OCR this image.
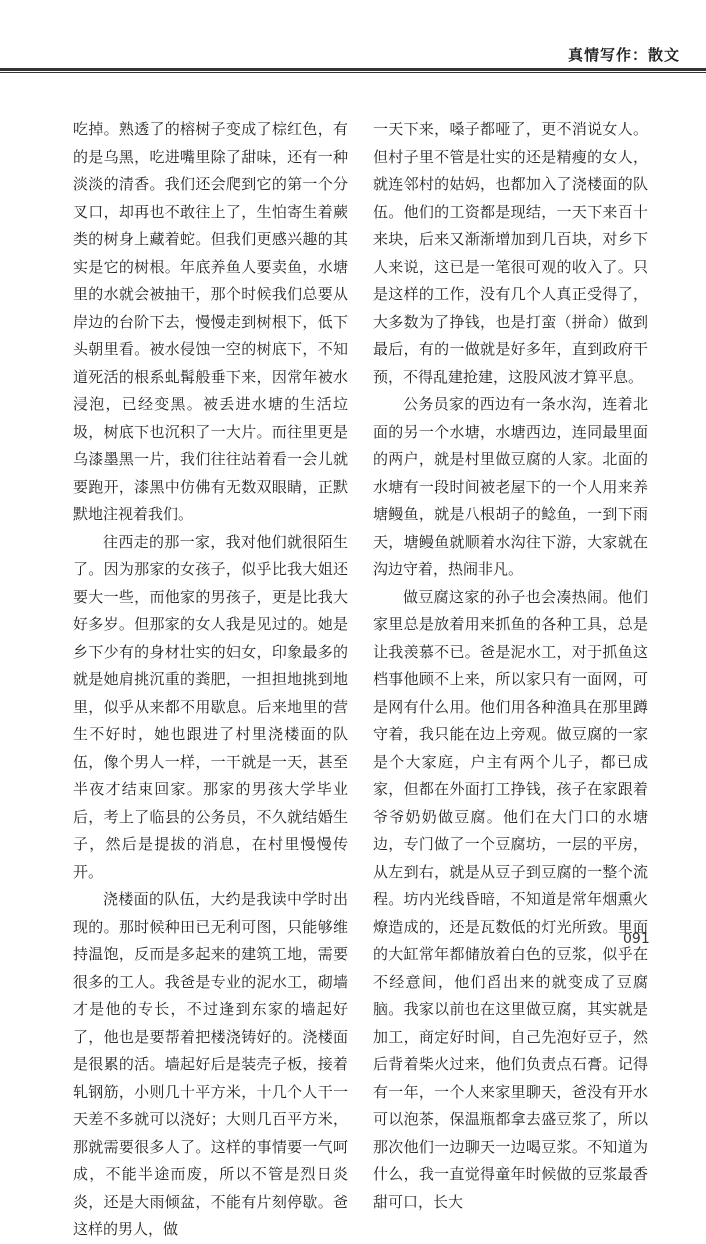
真情写作：散文

吃掉。熟透了的榕树子变成了棕红色，有的是乌黑，吃进嘴里除了甜味，还有一种淡淡的清香。我们还会爬到它的第一个分叉口，却再也不敢往上了，生怕寄生着蕨类的树身上藏着蛇。但我们更感兴趣的其实是它的树根。年底养鱼人要卖鱼，水塘里的水就会被抽干，那个时候我们总要从岸边的台阶下去，慢慢走到树根下，低下头朝里看。被水侵蚀一空的树底下，不知道死活的根系虬髯般垂下来，因常年被水浸泡，已经变黑。被丢进水塘的生活垃圾，树底下也沉积了一大片。而往里更是乌漆墨黑一片，我们往往站着看一会儿就要跑开，漆黑中仿佛有无数双眼睛，正默默地注视着我们。

往西走的那一家，我对他们就很陌生了。因为那家的女孩子，似乎比我大姐还要大一些，而他家的男孩子，更是比我大好多岁。但那家的女人我是见过的。她是乡下少有的身材壮实的妇女，印象最多的就是她肩挑沉重的粪肥，一担担地挑到地里，似乎从来都不用歇息。后来地里的营生不好时，她也跟进了村里浇楼面的队伍，像个男人一样，一干就是一天，甚至半夜才结束回家。那家的男孩大学毕业后，考上了临县的公务员，不久就结婚生子，然后是提拔的消息，在村里慢慢传开。

浇楼面的队伍，大约是我读中学时出现的。那时候种田已无利可图，只能够维持温饱，反而是多起来的建筑工地，需要很多的工人。我爸是专业的泥水工，砌墙才是他的专长，不过逢到东家的墙起好了，他也是要帮着把楼浇铸好的。浇楼面是很累的活。墙起好后是装壳子板，接着轧钢筋，小则几十平方米，十几个人干一天差不多就可以浇好；大则几百平方米，那就需要很多人了。这样的事情要一气呵成，不能半途而废，所以不管是烈日炎炎，还是大雨倾盆，不能有片刻停歇。爸这样的男人，做

一天下来，嗓子都哑了，更不消说女人。但村子里不管是壮实的还是精瘦的女人，就连邻村的姑妈，也都加入了浇楼面的队伍。他们的工资都是现结，一天下来百十来块，后来又渐渐增加到几百块，对乡下人来说，这已是一笔很可观的收入了。只是这样的工作，没有几个人真正受得了，大多数为了挣钱，也是打蛮（拼命）做到最后，有的一做就是好多年，直到政府干预，不得乱建抢建，这股风波才算平息。

公务员家的西边有一条水沟，连着北面的另一个水塘，水塘西边，连同最里面的两户，就是村里做豆腐的人家。北面的水塘有一段时间被老屋下的一个人用来养塘鳗鱼，就是八根胡子的鲶鱼，一到下雨天，塘鳗鱼就顺着水沟往下游，大家就在沟边守着，热闹非凡。

做豆腐这家的孙子也会凑热闹。他们家里总是放着用来抓鱼的各种工具，总是让我羡慕不已。爸是泥水工，对于抓鱼这档事他顾不上来，所以家只有一面网，可是网有什么用。他们用各种渔具在那里蹲守着，我只能在边上旁观。做豆腐的一家是个大家庭，户主有两个儿子，都已成家，但都在外面打工挣钱，孩子在家跟着爷爷奶奶做豆腐。他们在大门口的水塘边，专门做了一个豆腐坊，一层的平房，从左到右，就是从豆子到豆腐的一整个流程。坊内光线昏暗，不知道是常年烟熏火燎造成的，还是瓦数低的灯光所致。里面的大缸常年都储放着白色的豆浆，似乎在不经意间，他们舀出来的就变成了豆腐脑。我家以前也在这里做豆腐，其实就是加工，商定好时间，自己先泡好豆子，然后背着柴火过来，他们负责点石膏。记得有一年，一个人来家里聊天，爸没有开水可以泡茶，保温瓶都拿去盛豆浆了，所以那次他们一边聊天一边喝豆浆。不知道为什么，我一直觉得童年时候做的豆浆最香甜可口，长大

091
